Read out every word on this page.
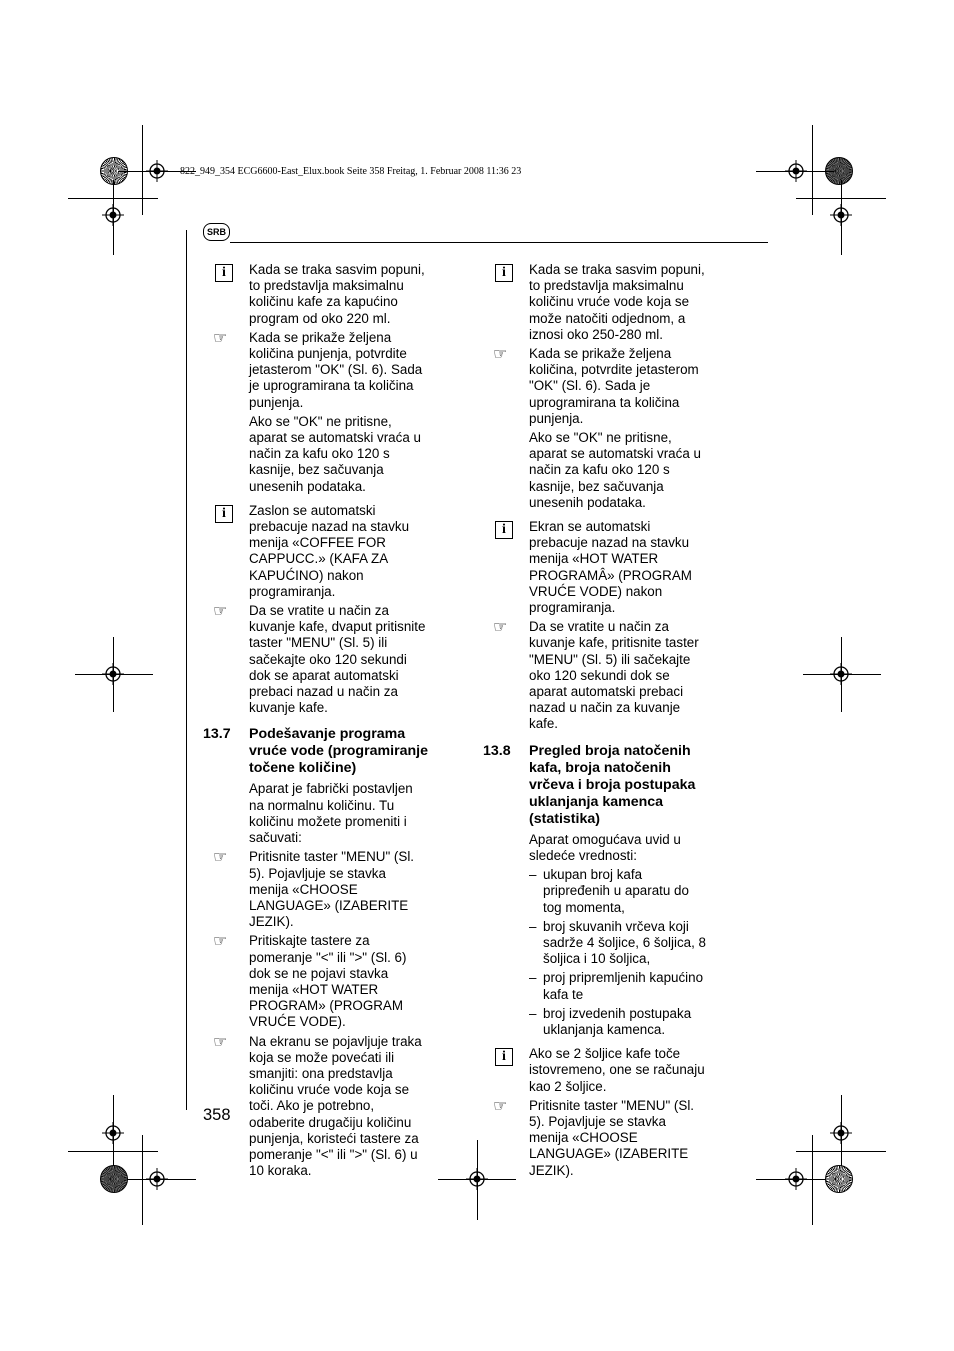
822_949_354 ECG6600-East_Elux.book Seite 358 Freitag, 1. Februar 2008 11:36 23
SRB
i	Kada se traka sasvim popuni, to predstavlja maksimalnu količinu kafe za kapućino program od oko 220 ml.

☞ Kada se prikaže željena količina punjenja, potvrdite jetasterom "OK" (Sl. 6). Sada je uprogramirana ta količina punjenja.

Ako se "OK" ne pritisne, aparat se automatski vraća u način za kafu oko 120 s kasnije, bez sačuvanja unesenih podataka.

i	Zaslon se automatski prebacuje nazad na stavku menija «COFFEE FOR CAPPUCC.» (KAFA ZA KAPUĆINO) nakon programiranja.

☞ Da se vratite u način za kuvanje kafe, dvaput pritisnite taster "MENU" (Sl. 5) ili sačekajte oko 120 sekundi dok se aparat automatski prebaci nazad u način za kuvanje kafe.

13.7 Podešavanje programa vruće vode (programiranje točene količine)

Aparat je fabrički postavljen na normalnu količinu. Tu količinu možete promeniti i sačuvati:

☞ Pritisnite taster "MENU" (Sl. 5). Pojavljuje se stavka menija «CHOOSE LANGUAGE» (IZABERITE JEZIK).

☞ Pritiskajte tastere za pomeranje "<" ili ">" (Sl. 6) dok se ne pojavi stavka menija «HOT WATER PROGRAM» (PROGRAM VRUĆE VODE).

☞ Na ekranu se pojavljuje traka koja se može povećati ili smanjiti: ona predstavlja količinu vruće vode koja se toči. Ako je potrebno, odaberite drugačiju količinu punjenja, koristeći tastere za pomeranje "<" ili ">" (Sl. 6) u 10 koraka.

i	Kada se traka sasvim popuni, to predstavlja maksimalnu količinu vruće vode koja se može natočiti odjednom, a iznosi oko 250-280 ml.

☞ Kada se prikaže željena količina, potvrdite jetasterom "OK" (Sl. 6). Sada je uprogramirana ta količina punjenja.

Ako se "OK" ne pritisne, aparat se automatski vraća u način za kafu oko 120 s kasnije, bez sačuvanja unesenih podataka.

i	Ekran se automatski prebacuje nazad na stavku menija «HOT WATER PROGRAMÂ» (PROGRAM VRUĆE VODE) nakon programiranja.

☞ Da se vratite u način za kuvanje kafe, pritisnite taster "MENU" (Sl. 5) ili sačekajte oko 120 sekundi dok se aparat automatski prebaci nazad u način za kuvanje kafe.

13.8 Pregled broja natočenih kafa, broja natočenih vrčeva i broja postupaka uklanjanja kamenca (statistika)

Aparat omogućava uvid u sledeće vrednosti:

– ukupan broj kafa pripređenih u aparatu do tog momenta,
– broj skuvanih vrčeva koji sadrže 4 šoljice, 6 šoljica, 8 šoljica i 10 šoljica,
– proj pripremljenih kapućino kafa te
– broj izvedenih postupaka uklanjanja kamenca.
i	Ako se 2 šoljice kafe toče istovremeno, one se računaju kao 2 šoljice.

☞ Pritisnite taster "MENU" (Sl. 5). Pojavljuje se stavka menija «CHOOSE LANGUAGE» (IZABERITE JEZIK).

358
